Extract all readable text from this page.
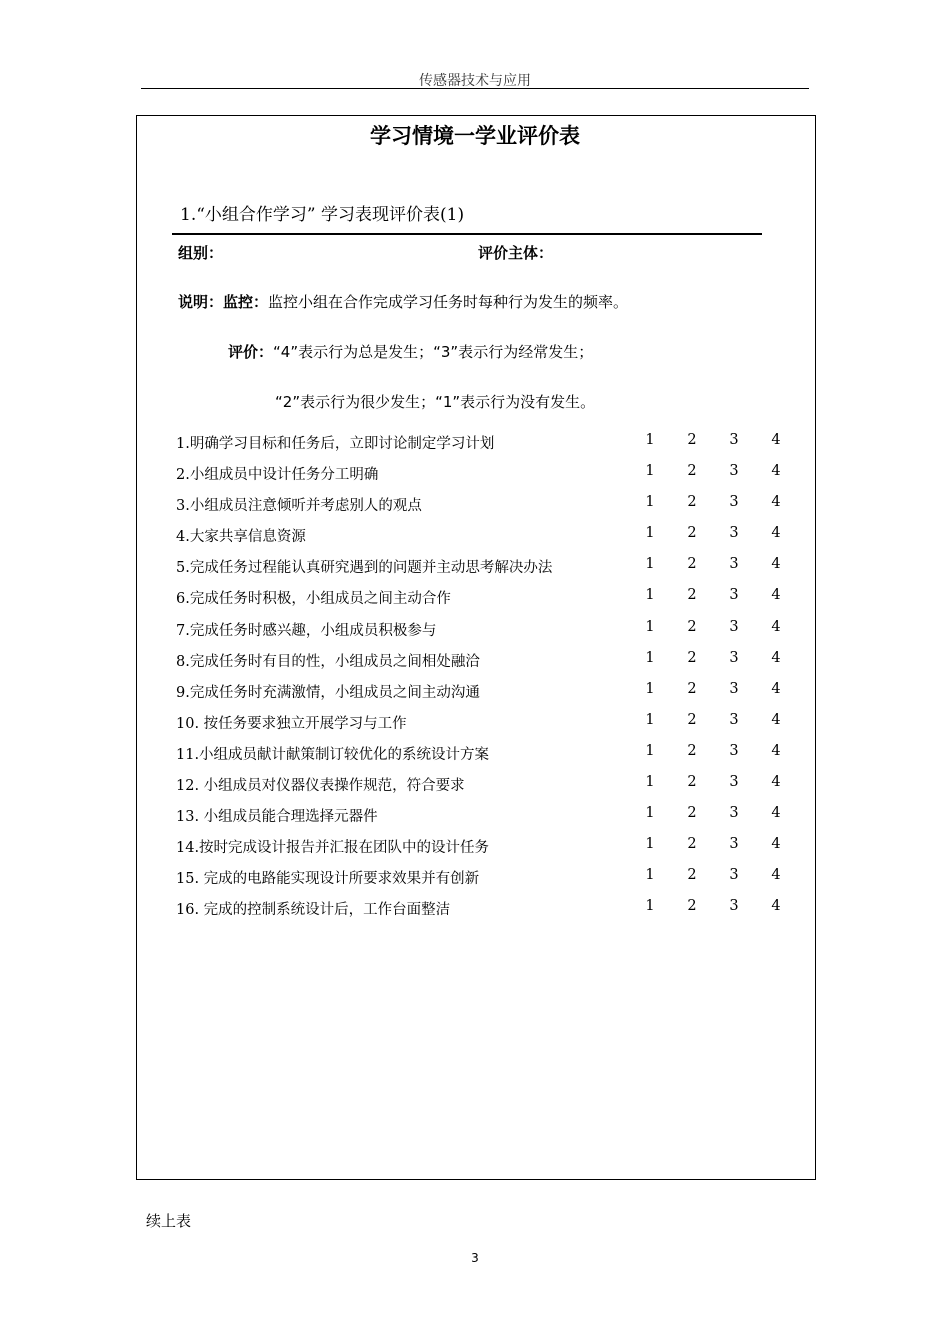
传感器技术与应用
学习情境一学业评价表
1.“小组合作学习” 学习表现评价表(1)
组别：	评价主体：
说明：监控：监控小组在合作完成学习任务时每种行为发生的频率。
评价：“4”表示行为总是发生；“3”表示行为经常发生；
“2”表示行为很少发生；“1”表示行为没有发生。
1.明确学习目标和任务后，立即讨论制定学习计划	1	2	3	4
2.小组成员中设计任务分工明确	1	2	3	4
3.小组成员注意倾听并考虑别人的观点	1	2	3	4
4.大家共享信息资源	1	2	3	4
5.完成任务过程能认真研究遇到的问题并主动思考解决办法	1	2	3	4
6.完成任务时积极，小组成员之间主动合作	1	2	3	4
7.完成任务时感兴趣，小组成员积极参与	1	2	3	4
8.完成任务时有目的性，小组成员之间相处融洽	1	2	3	4
9.完成任务时充满激情，小组成员之间主动沟通	1	2	3	4
10. 按任务要求独立开展学习与工作	1	2	3	4
11.小组成员献计献策制订较优化的系统设计方案	1	2	3	4
12. 小组成员对仪器仪表操作规范，符合要求	1	2	3	4
13. 小组成员能合理选择元器件	1	2	3	4
14.按时完成设计报告并汇报在团队中的设计任务	1	2	3	4
15. 完成的电路能实现设计所要求效果并有创新	1	2	3	4
16. 完成的控制系统设计后，工作台面整洁	1	2	3	4
续上表
3
